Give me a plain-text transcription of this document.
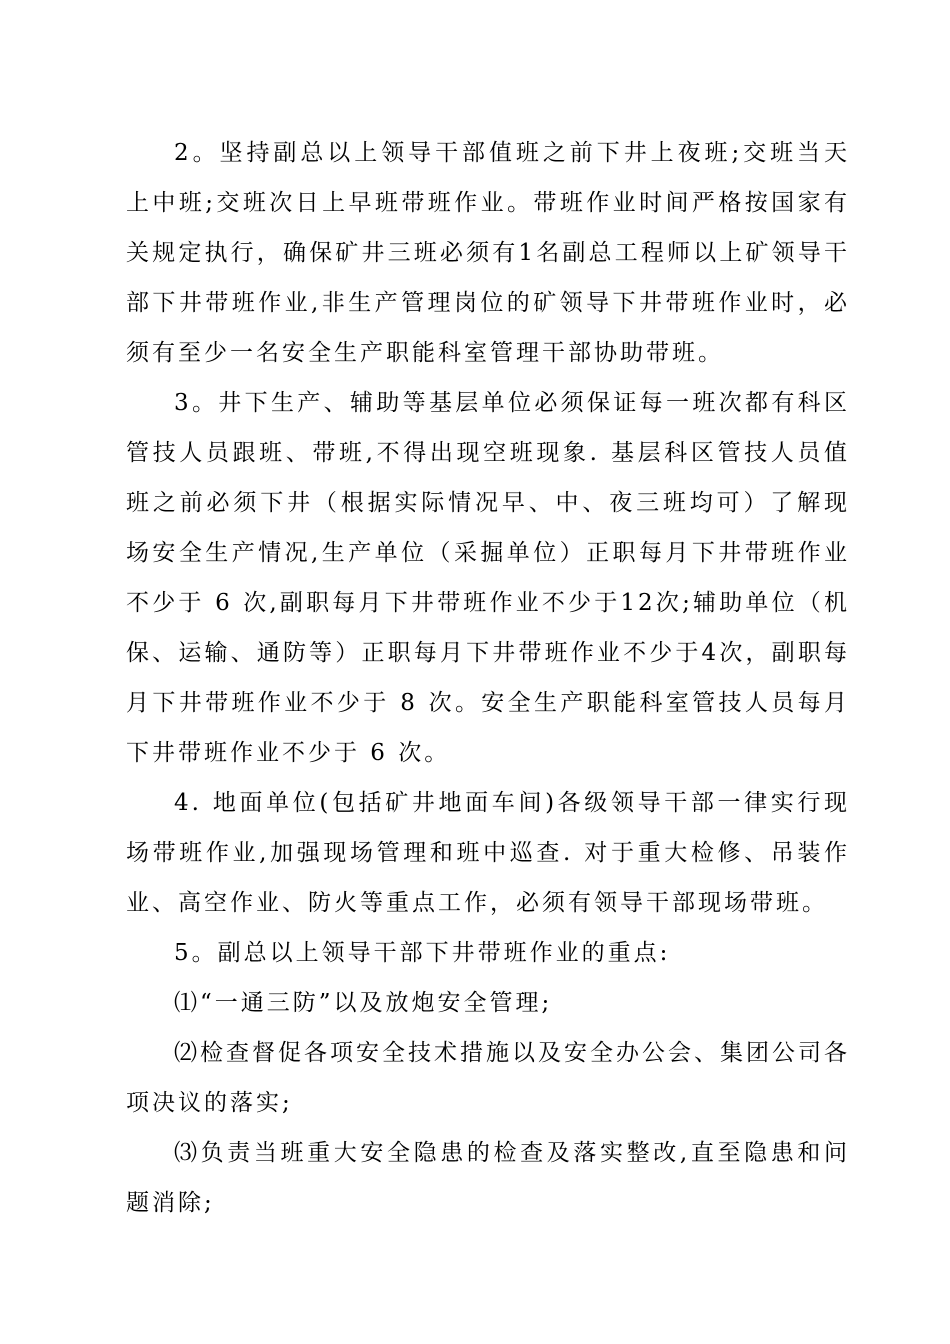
2。坚持副总以上领导干部值班之前下井上夜班;交班当天上中班;交班次日上早班带班作业。带班作业时间严格按国家有关规定执行，确保矿井三班必须有1名副总工程师以上矿领导干部下井带班作业,非生产管理岗位的矿领导下井带班作业时，必须有至少一名安全生产职能科室管理干部协助带班。

3。井下生产、辅助等基层单位必须保证每一班次都有科区管技人员跟班、带班,不得出现空班现象. 基层科区管技人员值班之前必须下井（根据实际情况早、中、夜三班均可）了解现场安全生产情况,生产单位（采掘单位）正职每月下井带班作业不少于 6 次,副职每月下井带班作业不少于12次;辅助单位（机保、运输、通防等）正职每月下井带班作业不少于4次，副职每月下井带班作业不少于 8 次。安全生产职能科室管技人员每月下井带班作业不少于 6 次。

4. 地面单位(包括矿井地面车间)各级领导干部一律实行现场带班作业,加强现场管理和班中巡查. 对于重大检修、吊装作业、高空作业、防火等重点工作，必须有领导干部现场带班。

5。副总以上领导干部下井带班作业的重点:

⑴“一通三防”以及放炮安全管理;

⑵检查督促各项安全技术措施以及安全办公会、集团公司各项决议的落实;

⑶负责当班重大安全隐患的检查及落实整改,直至隐患和问题消除;
